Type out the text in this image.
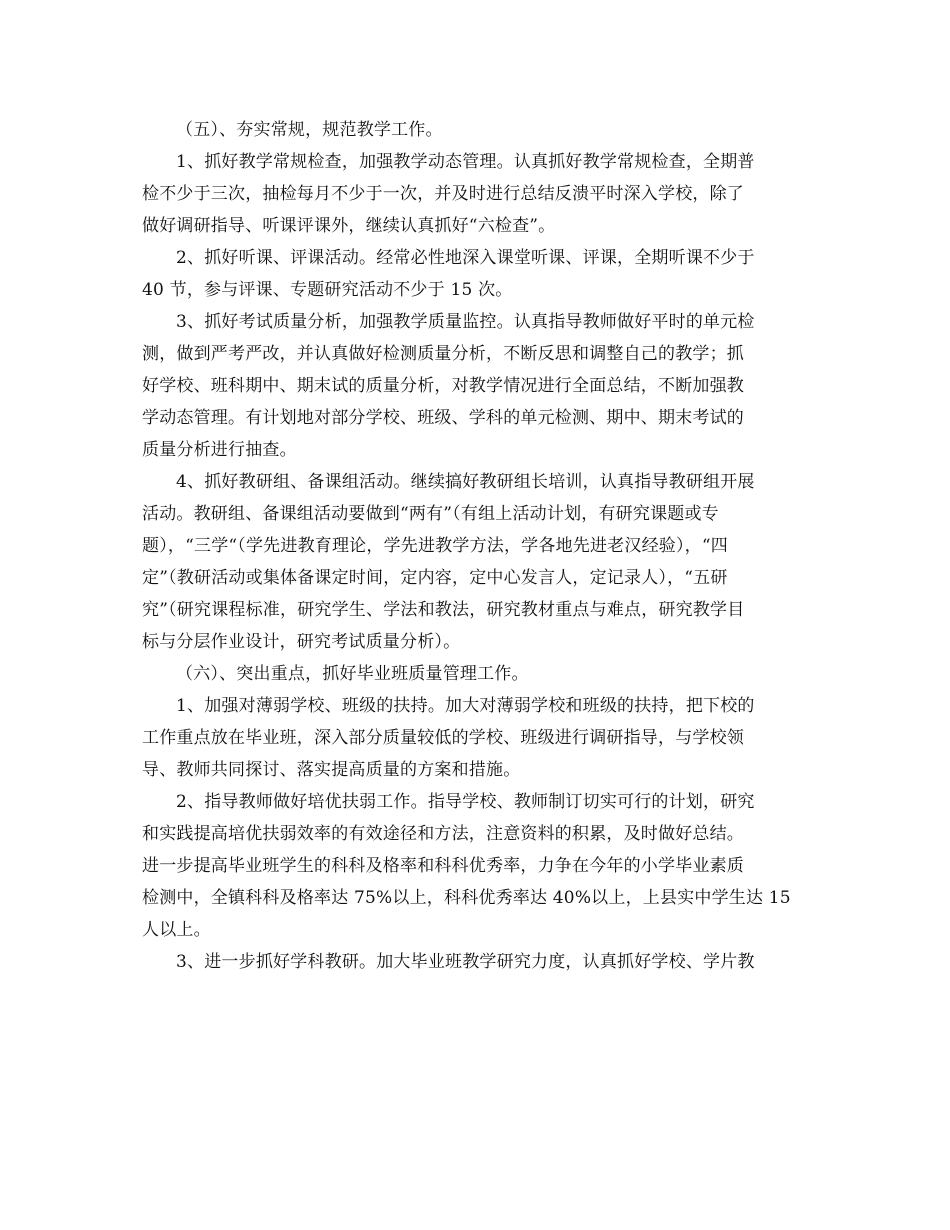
（五）、夯实常规，规范教学工作。
1、抓好教学常规检查，加强教学动态管理。认真抓好教学常规检查，全期普
检不少于三次，抽检每月不少于一次，并及时进行总结反溃平时深入学校，除了
做好调研指导、听课评课外，继续认真抓好“六检查”。
2、抓好听课、评课活动。经常必性地深入课堂听课、评课，全期听课不少于
40 节，参与评课、专题研究活动不少于 15 次。
3、抓好考试质量分析，加强教学质量监控。认真指导教师做好平时的单元检
测，做到严考严改，并认真做好检测质量分析，不断反思和调整自己的教学；抓
好学校、班科期中、期末试的质量分析，对教学情况进行全面总结，不断加强教
学动态管理。有计划地对部分学校、班级、学科的单元检测、期中、期末考试的
质量分析进行抽查。
4、抓好教研组、备课组活动。继续搞好教研组长培训，认真指导教研组开展
活动。教研组、备课组活动要做到“两有”（有组上活动计划，有研究课题或专
题），“三学“（学先进教育理论，学先进教学方法，学各地先进老汉经验），“四
定”（教研活动或集体备课定时间，定内容，定中心发言人，定记录人），“五研
究”（研究课程标准，研究学生、学法和教法，研究教材重点与难点，研究教学目
标与分层作业设计，研究考试质量分析）。
（六）、突出重点，抓好毕业班质量管理工作。
1、加强对薄弱学校、班级的扶持。加大对薄弱学校和班级的扶持，把下校的
工作重点放在毕业班，深入部分质量较低的学校、班级进行调研指导，与学校领
导、教师共同探讨、落实提高质量的方案和措施。
2、指导教师做好培优扶弱工作。指导学校、教师制订切实可行的计划，研究
和实践提高培优扶弱效率的有效途径和方法，注意资料的积累，及时做好总结。
进一步提高毕业班学生的科科及格率和科科优秀率，力争在今年的小学毕业素质
检测中，全镇科科及格率达 75%以上，科科优秀率达 40%以上，上县实中学生达 15
人以上。
3、进一步抓好学科教研。加大毕业班教学研究力度，认真抓好学校、学片教
